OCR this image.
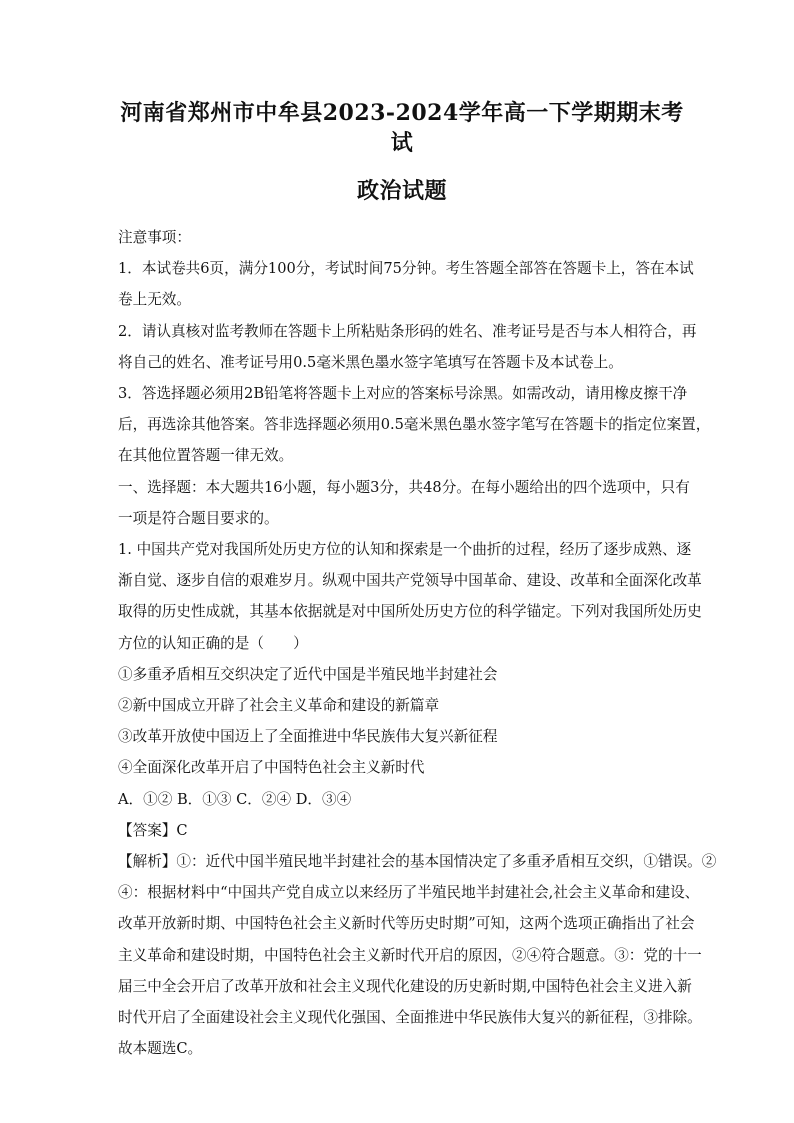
河南省郑州市中牟县2023-2024学年高一下学期期末考试
政治试题

注意事项：

1．本试卷共6页，满分100分，考试时间75分钟。考生答题全部答在答题卡上，答在本试

卷上无效。

2．请认真核对监考教师在答题卡上所粘贴条形码的姓名、准考证号是否与本人相符合，再

将自己的姓名、准考证号用0.5毫米黑色墨水签字笔填写在答题卡及本试卷上。

3．答选择题必须用2B铅笔将答题卡上对应的答案标号涂黑。如需改动，请用橡皮擦干净

后，再选涂其他答案。答非选择题必须用0.5毫米黑色墨水签字笔写在答题卡的指定位案置，

在其他位置答题一律无效。

一、选择题：本大题共16小题，每小题3分，共48分。在每小题给出的四个选项中，只有

一项是符合题目要求的。

1. 中国共产党对我国所处历史方位的认知和探索是一个曲折的过程，经历了逐步成熟、逐

渐自觉、逐步自信的艰难岁月。纵观中国共产党领导中国革命、建设、改革和全面深化改革

取得的历史性成就，其基本依据就是对中国所处历史方位的科学锚定。下列对我国所处历史

方位的认知正确的是（　　）

①多重矛盾相互交织决定了近代中国是半殖民地半封建社会

②新中国成立开辟了社会主义革命和建设的新篇章

③改革开放使中国迈上了全面推进中华民族伟大复兴新征程

④全面深化改革开启了中国特色社会主义新时代

A．①② B．①③ C．②④ D．③④

【答案】C

【解析】①：近代中国半殖民地半封建社会的基本国情决定了多重矛盾相互交织，①错误。②

④：根据材料中“中国共产党自成立以来经历了半殖民地半封建社会,社会主义革命和建设、

改革开放新时期、中国特色社会主义新时代等历史时期”可知，这两个选项正确指出了社会

主义革命和建设时期，中国特色社会主义新时代开启的原因，②④符合题意。③：党的十一

届三中全会开启了改革开放和社会主义现代化建设的历史新时期,中国特色社会主义进入新

时代开启了全面建设社会主义现代化强国、全面推进中华民族伟大复兴的新征程，③排除。

故本题选C。
